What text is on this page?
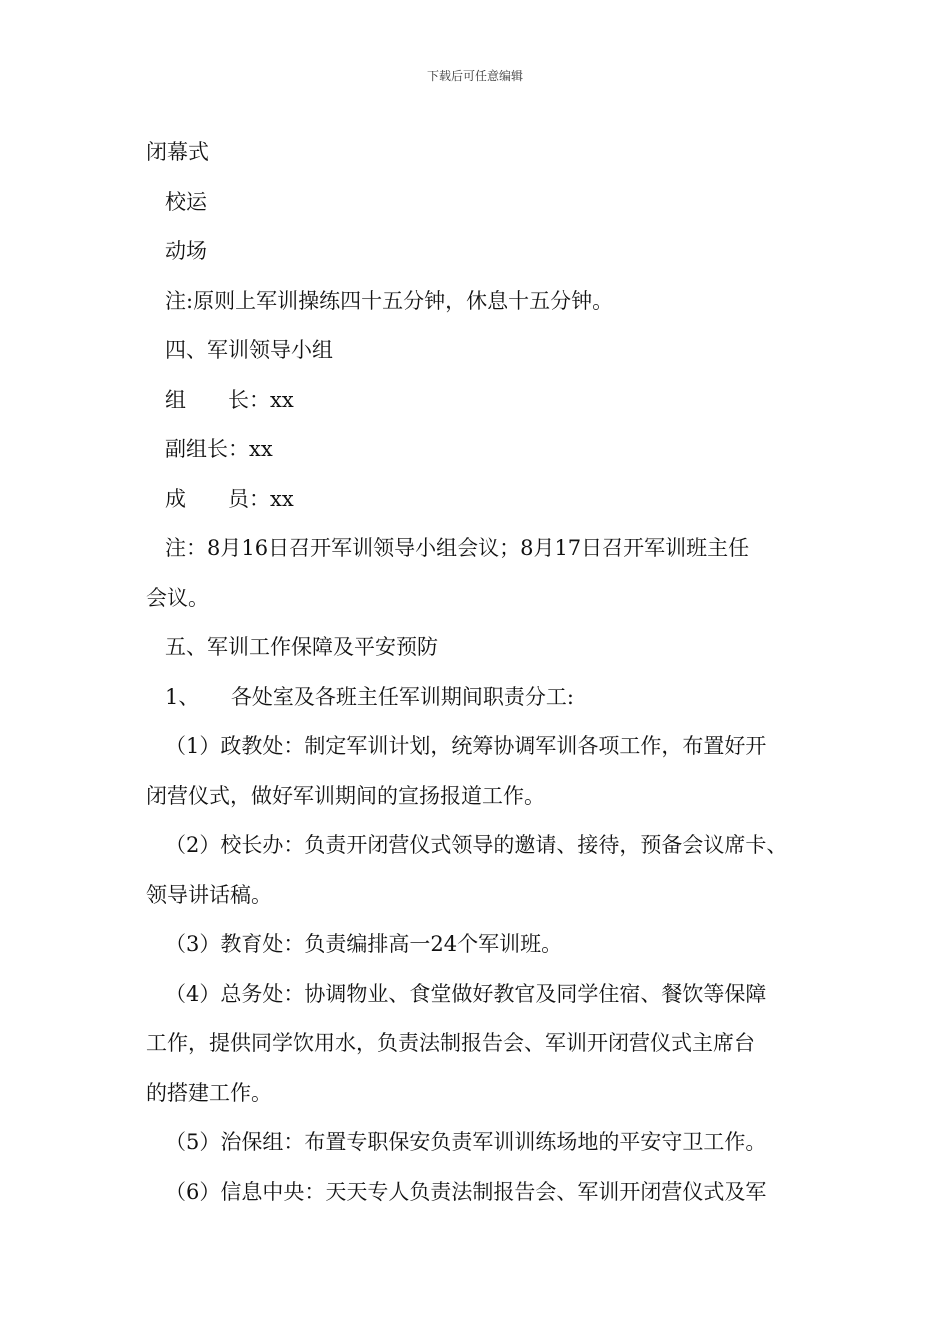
下载后可任意编辑
闭幕式
校运
动场
注:原则上军训操练四十五分钟，休息十五分钟。
四、军训领导小组
组　　长：xx
副组长：xx
成　　员：xx
注：8月16日召开军训领导小组会议；8月17日召开军训班主任
会议。
五、军训工作保障及平安预防
1、　　各处室及各班主任军训期间职责分工:
（1）政教处：制定军训计划，统筹协调军训各项工作，布置好开
闭营仪式，做好军训期间的宣扬报道工作。
（2）校长办：负责开闭营仪式领导的邀请、接待，预备会议席卡、
领导讲话稿。
（3）教育处：负责编排高一24个军训班。
（4）总务处：协调物业、食堂做好教官及同学住宿、餐饮等保障
工作，提供同学饮用水，负责法制报告会、军训开闭营仪式主席台
的搭建工作。
（5）治保组：布置专职保安负责军训训练场地的平安守卫工作。
（6）信息中央：天天专人负责法制报告会、军训开闭营仪式及军
